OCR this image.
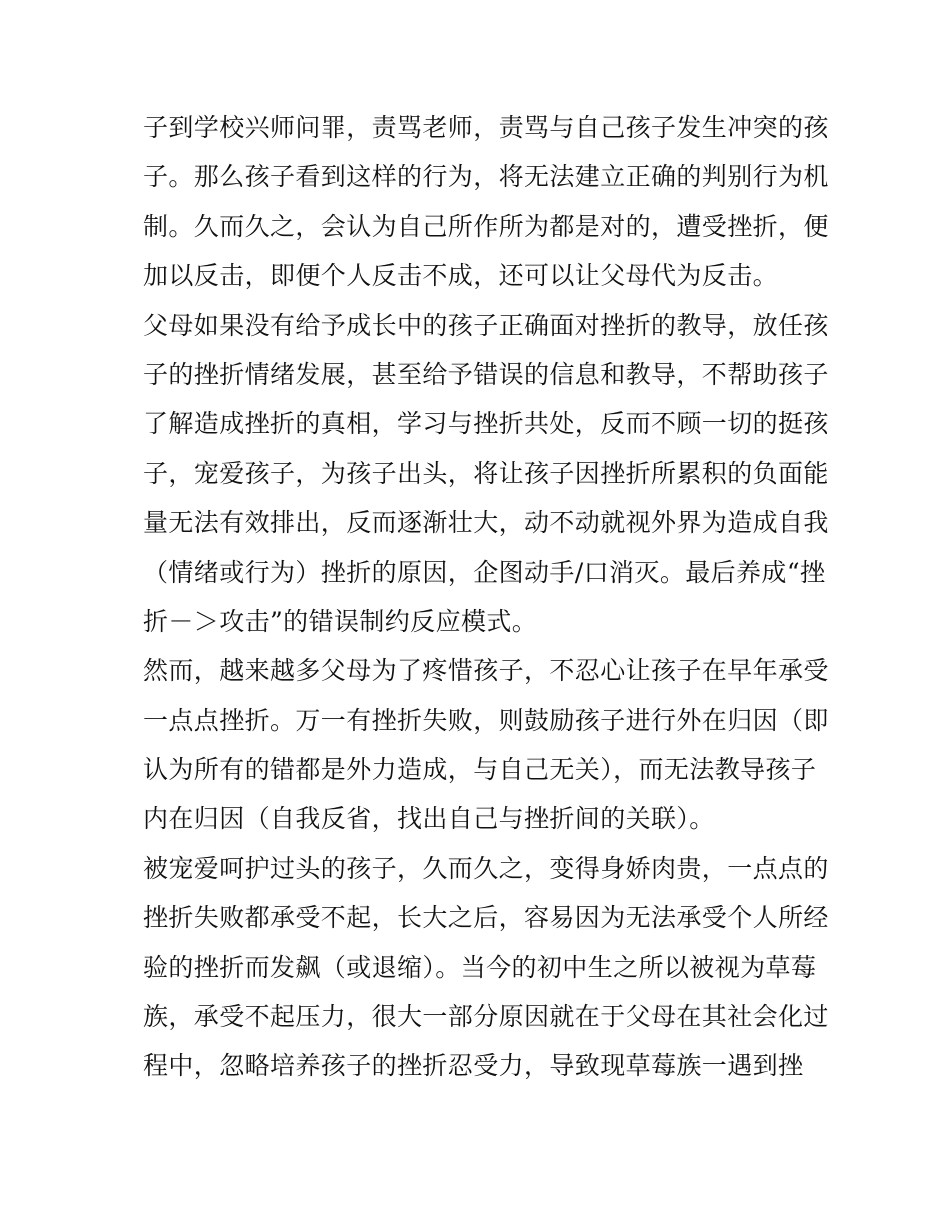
子到学校兴师问罪，责骂老师，责骂与自己孩子发生冲突的孩
子。那么孩子看到这样的行为，将无法建立正确的判别行为机
制。久而久之，会认为自己所作所为都是对的，遭受挫折，便
加以反击，即便个人反击不成，还可以让父母代为反击。
父母如果没有给予成长中的孩子正确面对挫折的教导，放任孩
子的挫折情绪发展，甚至给予错误的信息和教导，不帮助孩子
了解造成挫折的真相，学习与挫折共处，反而不顾一切的挺孩
子，宠爱孩子，为孩子出头，将让孩子因挫折所累积的负面能
量无法有效排出，反而逐渐壮大，动不动就视外界为造成自我
（情绪或行为）挫折的原因，企图动手/口消灭。最后养成“挫
折－＞攻击”的错误制约反应模式。
然而，越来越多父母为了疼惜孩子，不忍心让孩子在早年承受
一点点挫折。万一有挫折失败，则鼓励孩子进行外在归因（即
认为所有的错都是外力造成，与自己无关），而无法教导孩子
内在归因（自我反省，找出自己与挫折间的关联）。
被宠爱呵护过头的孩子，久而久之，变得身娇肉贵，一点点的
挫折失败都承受不起，长大之后，容易因为无法承受个人所经
验的挫折而发飙（或退缩）。当今的初中生之所以被视为草莓
族，承受不起压力，很大一部分原因就在于父母在其社会化过
程中，忽略培养孩子的挫折忍受力，导致现草莓族一遇到挫
